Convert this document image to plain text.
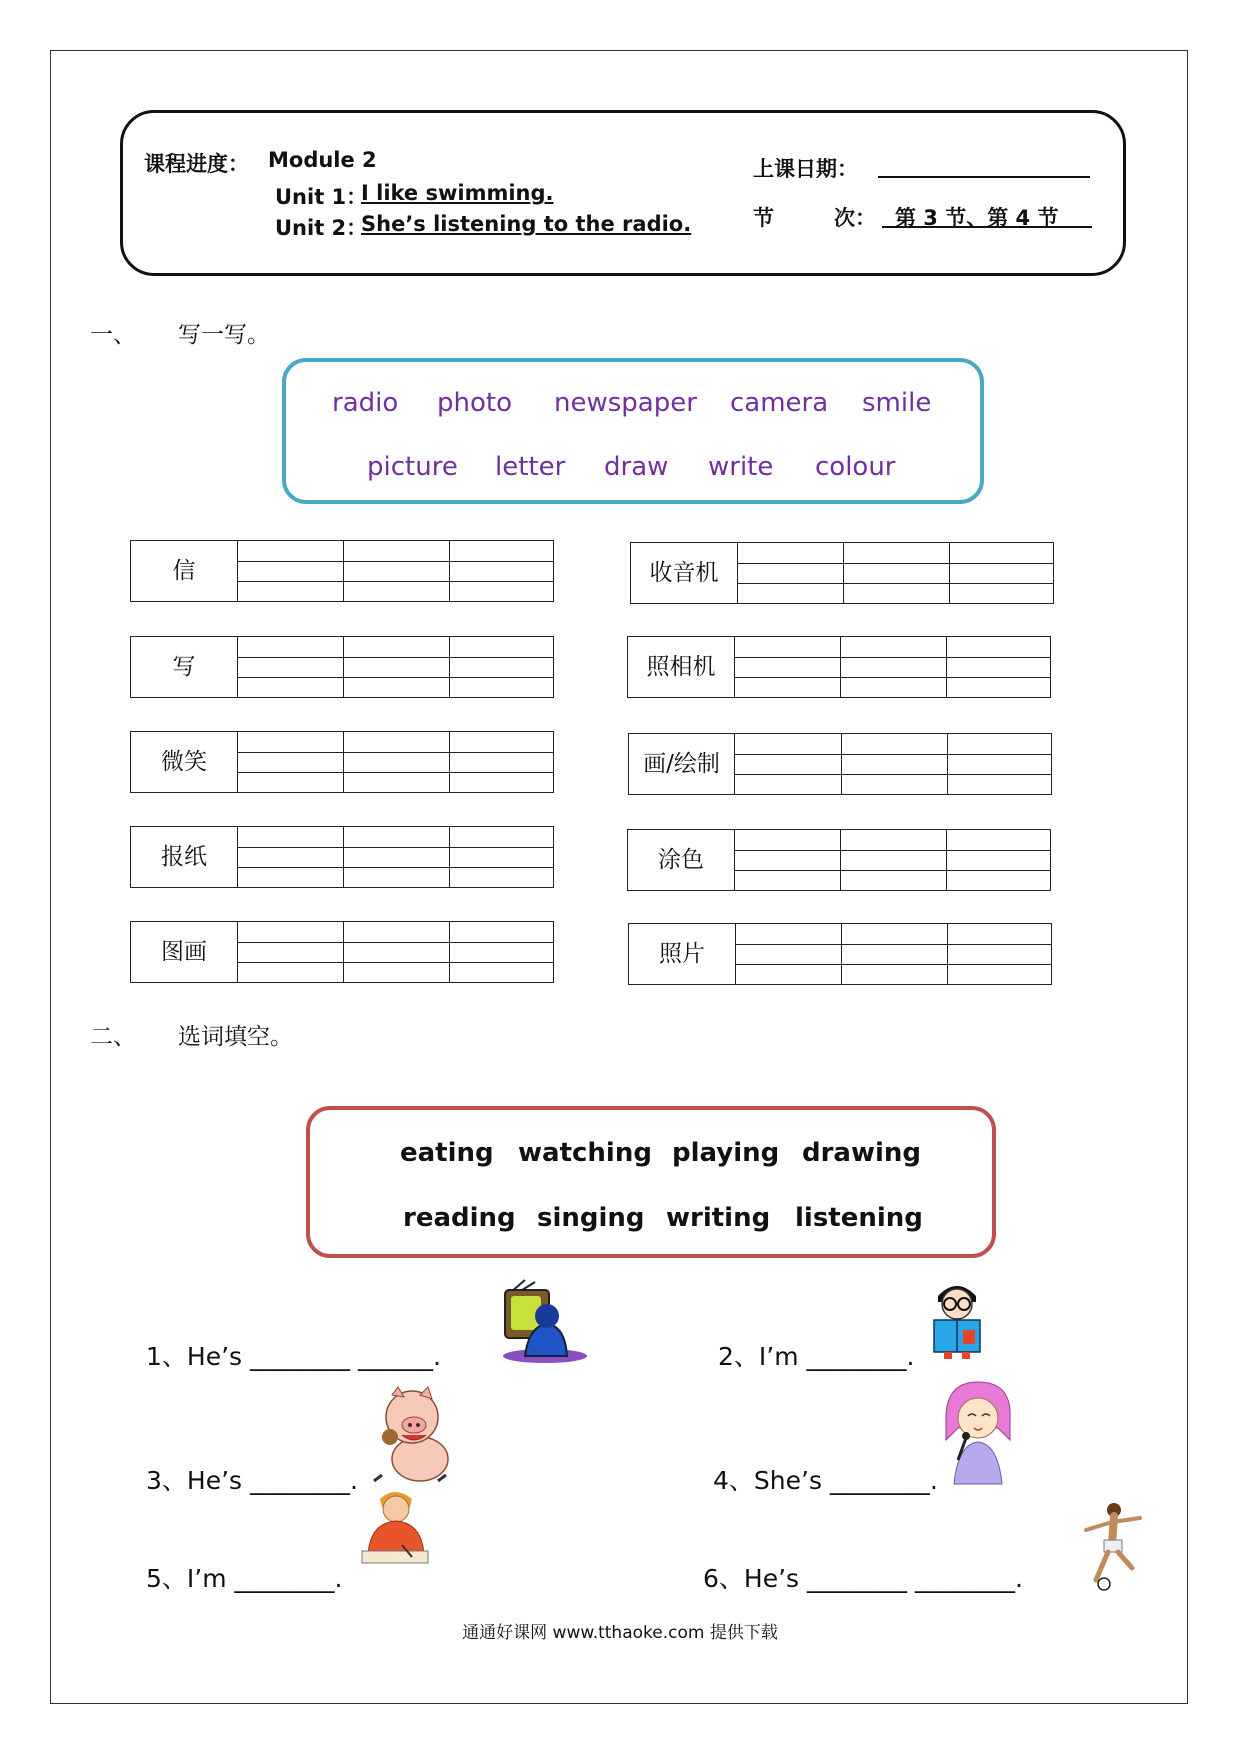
课程进度： Module 2
Unit 1：
I like swimming.
Unit 2：
She’s listening to the radio.
上课日期：
节	次： 第 3 节、第 4 节
一、 写一写。
radio photo newspaper camera smile
picture letter draw write colour
信
写
微笑
报纸
图画
收音机
照相机
画/绘制
涂色
照片
二、 选词填空。
eating watching playing drawing
reading singing writing listening
1、He’s ________ ______.	2、I’m ________.
3、He’s ________.	4、She’s ________.
5、I’m ________.	6、He’s ________ ________.
通通好课网 www.tthaoke.com 提供下载
